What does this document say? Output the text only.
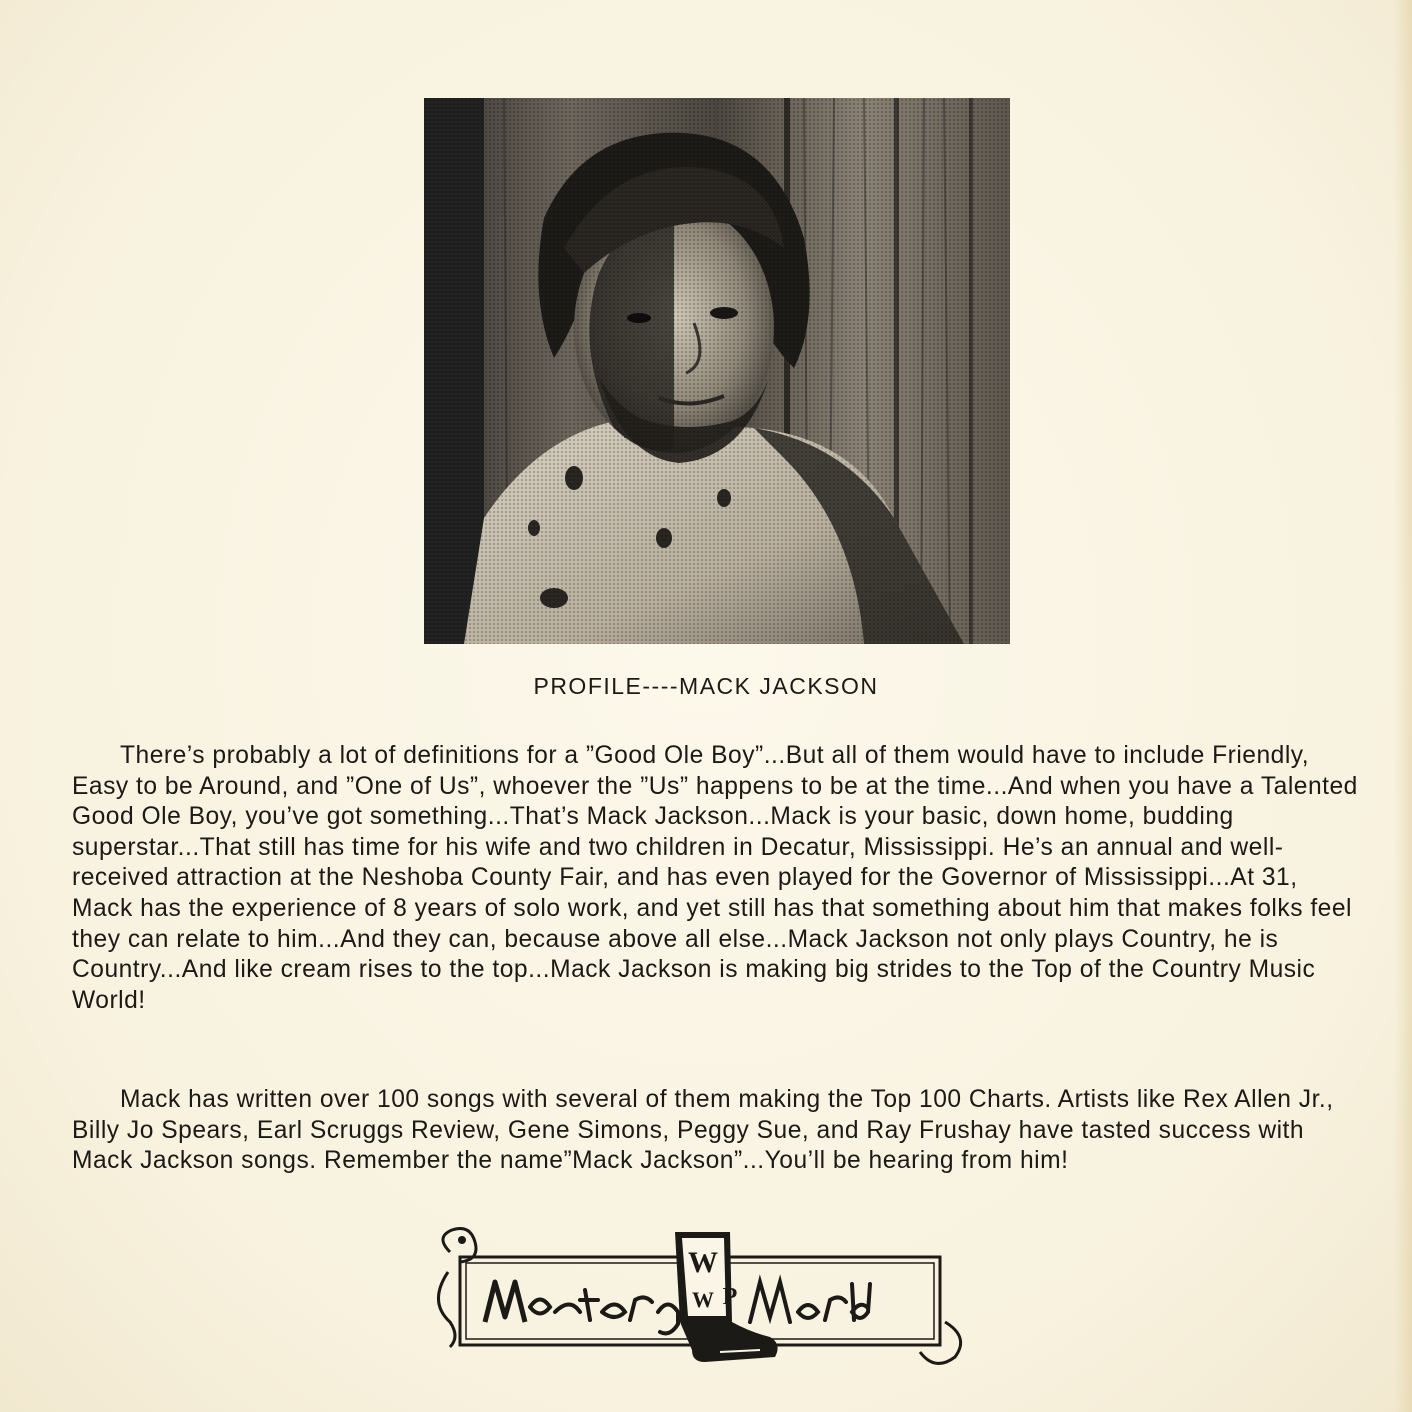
PROFILE----MACK JACKSON

There’s probably a lot of definitions for a ”Good Ole Boy”...But all of them would have to include Friendly, Easy to be Around, and ”One of Us”, whoever the ”Us” happens to be at the time...And when you have a Talented Good Ole Boy, you’ve got something...That’s Mack Jackson...Mack is your basic, down home, budding superstar...That still has time for his wife and two children in Decatur, Mississippi. He’s an annual and well-received attraction at the Neshoba County Fair, and has even played for the Governor of Mississippi...At 31, Mack has the experience of 8 years of solo work, and yet still has that something about him that makes folks feel they can relate to him...And they can, because above all else...Mack Jackson not only plays Country, he is Country...And like cream rises to the top...Mack Jackson is making big strides to the Top of the Country Music World!

Mack has written over 100 songs with several of them making the Top 100 Charts. Artists like Rex Allen Jr., Billy Jo Spears, Earl Scruggs Review, Gene Simons, Peggy Sue, and Ray Frushay have tasted success with Mack Jackson songs. Remember the name”Mack Jackson”...You’ll be hearing from him!

W
W P
